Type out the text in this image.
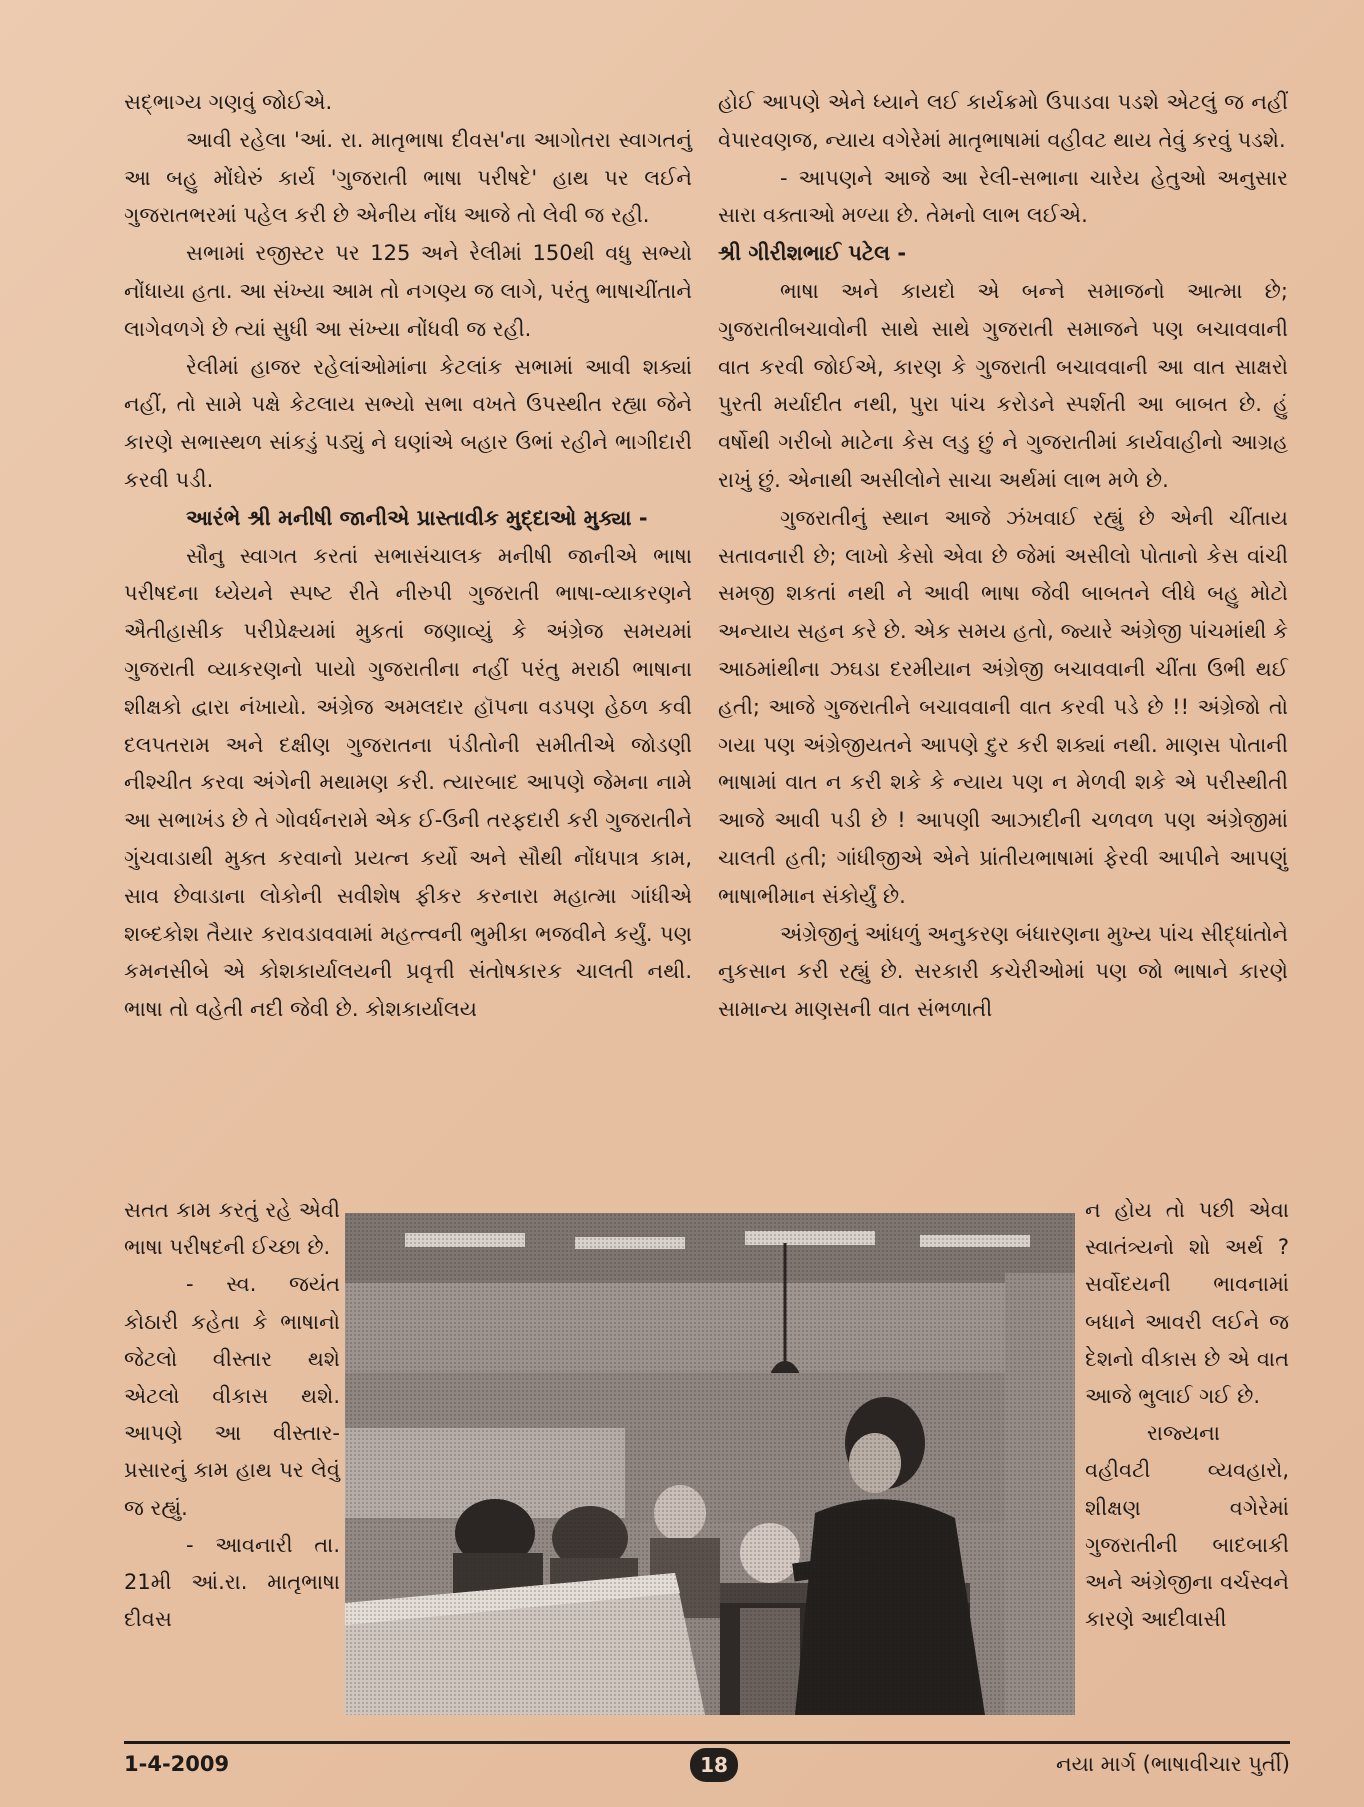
સદ્‌ભાગ્ય ગણવું જોઈએ.

આવી રહેલા 'આં. રા. માતૃભાષા દીવસ'ના આગોતરા સ્વાગતનું આ બહુ મોંઘેરું કાર્ય 'ગુજરાતી ભાષા પરીષદે' હાથ પર લઈને ગુજરાતભરમાં પહેલ કરી છે એનીય નોંધ આજે તો લેવી જ રહી.

સભામાં રજીસ્ટર પર 125 અને રેલીમાં 150થી વધુ સભ્યો નોંધાયા હતા. આ સંખ્યા આમ તો નગણ્ય જ લાગે, પરંતુ ભાષાચીંતાને લાગેવળગે છે ત્યાં સુધી આ સંખ્યા નોંધવી જ રહી.

રેલીમાં હાજર રહેલાંઓમાંના કેટલાંક સભામાં આવી શક્યાં નહીં, તો સામે પક્ષે કેટલાય સભ્યો સભા વખતે ઉપસ્થીત રહ્યા જેને કારણે સભાસ્થળ સાંકડું પડ્યું ને ઘણાંએ બહાર ઉભાં રહીને ભાગીદારી કરવી પડી.

આરંભે શ્રી મનીષી જાનીએ પ્રાસ્તાવીક મુદ્દાઓ મુક્યા -

સૌનુ સ્વાગત કરતાં સભાસંચાલક મનીષી જાનીએ ભાષા પરીષદના ધ્યેયને સ્પષ્ટ રીતે નીરુપી ગુજરાતી ભાષા-વ્યાકરણને ઐતીહાસીક પરીપ્રેક્ષ્યમાં મુકતાં જણાવ્યું કે અંગ્રેજ સમયમાં ગુજરાતી વ્યાકરણનો પાયો ગુજરાતીના નહીં પરંતુ મરાઠી ભાષાના શીક્ષકો દ્વારા નંખાયો. અંગ્રેજ અમલદાર હૉપના વડપણ હેઠળ કવી દલપતરામ અને દક્ષીણ ગુજરાતના પંડીતોની સમીતીએ જોડણી નીશ્ચીત કરવા અંગેની મથામણ કરી. ત્યારબાદ આપણે જેમના નામે આ સભાખંડ છે તે ગોવર્ધનરામે એક ઈ-ઉની તરફદારી કરી ગુજરાતીને ગુંચવાડાથી મુક્ત કરવાનો પ્રયત્ન કર્યો અને સૌથી નોંધપાત્ર કામ, સાવ છેવાડાના લોકોની સવીશેષ ફીકર કરનારા મહાત્મા ગાંધીએ શબ્દકોશ તૈયાર કરાવડાવવામાં મહત્ત્વની ભુમીકા ભજવીને કર્યું. પણ કમનસીબે એ કોશકાર્યાલયની પ્રવૃત્તી સંતોષકારક ચાલતી નથી. ભાષા તો વહેતી નદી જેવી છે. કોશકાર્યાલય

હોઈ આપણે એને ધ્યાને લઈ કાર્યક્રમો ઉપાડવા પડશે એટલું જ નહીં વેપારવણજ, ન્યાય વગેરેમાં માતૃભાષામાં વહીવટ થાય તેવું કરવું પડશે.

- આપણને આજે આ રેલી-સભાના ચારેય હેતુઓ અનુસાર સારા વક્તાઓ મળ્યા છે. તેમનો લાભ લઈએ.

શ્રી ગીરીશભાઈ પટેલ -

ભાષા અને કાયદો એ બન્ને સમાજનો આત્મા છે; ગુજરાતીબચાવોની સાથે સાથે ગુજરાતી સમાજને પણ બચાવવાની વાત કરવી જોઈએ, કારણ કે ગુજરાતી બચાવવાની આ વાત સાક્ષરો પુરતી મર્યાદીત નથી, પુરા પાંચ કરોડને સ્પર્શતી આ બાબત છે. હું વર્ષોથી ગરીબો માટેના કેસ લડુ છું ને ગુજરાતીમાં કાર્યવાહીનો આગ્રહ રાખું છું. એનાથી અસીલોને સાચા અર્થમાં લાભ મળે છે.

ગુજરાતીનું સ્થાન આજે ઝંખવાઈ રહ્યું છે એની ચીંતાય સતાવનારી છે; લાખો કેસો એવા છે જેમાં અસીલો પોતાનો કેસ વાંચી સમજી શકતાં નથી ને આવી ભાષા જેવી બાબતને લીધે બહુ મોટો અન્યાય સહન કરે છે. એક સમય હતો, જ્યારે અંગ્રેજી પાંચમાંથી કે આઠમાંથીના ઝઘડા દરમીયાન અંગ્રેજી બચાવવાની ચીંતા ઉભી થઈ હતી; આજે ગુજરાતીને બચાવવાની વાત કરવી પડે છે !! અંગ્રેજો તો ગયા પણ અંગ્રેજીયતને આપણે દુર કરી શક્યાં નથી. માણસ પોતાની ભાષામાં વાત ન કરી શકે કે ન્યાય પણ ન મેળવી શકે એ પરીસ્થીતી આજે આવી પડી છે ! આપણી આઝાદીની ચળવળ પણ અંગ્રેજીમાં ચાલતી હતી; ગાંધીજીએ એને પ્રાંતીયભાષામાં ફેરવી આપીને આપણું ભાષાભીમાન સંકોર્યું છે.

અંગ્રેજીનું આંધળું અનુકરણ બંધારણના મુખ્ય પાંચ સીદ્ધાંતોને નુકસાન કરી રહ્યું છે. સરકારી કચેરીઓમાં પણ જો ભાષાને કારણે સામાન્ય માણસની વાત સંભળાતી

સતત કામ કરતું રહે એવી ભાષા પરીષદની ઈચ્છા છે.

- સ્વ. જયંત કોઠારી કહેતા કે ભાષાનો જેટલો વીસ્તાર થશે એટલો વીકાસ થશે. આપણે આ વીસ્તાર-પ્રસારનું કામ હાથ પર લેવું જ રહ્યું.

- આવનારી તા. 21મી આં.રા. માતૃભાષા દીવસ

ન હોય તો પછી એવા સ્વાતંત્ર્યનો શો અર્થ ? સર્વોદયની ભાવનામાં બધાને આવરી લઈને જ દેશનો વીકાસ છે એ વાત આજે ભુલાઈ ગઈ છે.

રાજ્યના વહીવટી વ્યવહારો, શીક્ષણ વગેરેમાં ગુજરાતીની બાદબાકી અને અંગ્રેજીના વર્ચસ્વને કારણે આદીવાસી

1-4-2009	18	નયા માર્ગ (ભાષાવીચાર પુર્તી)
